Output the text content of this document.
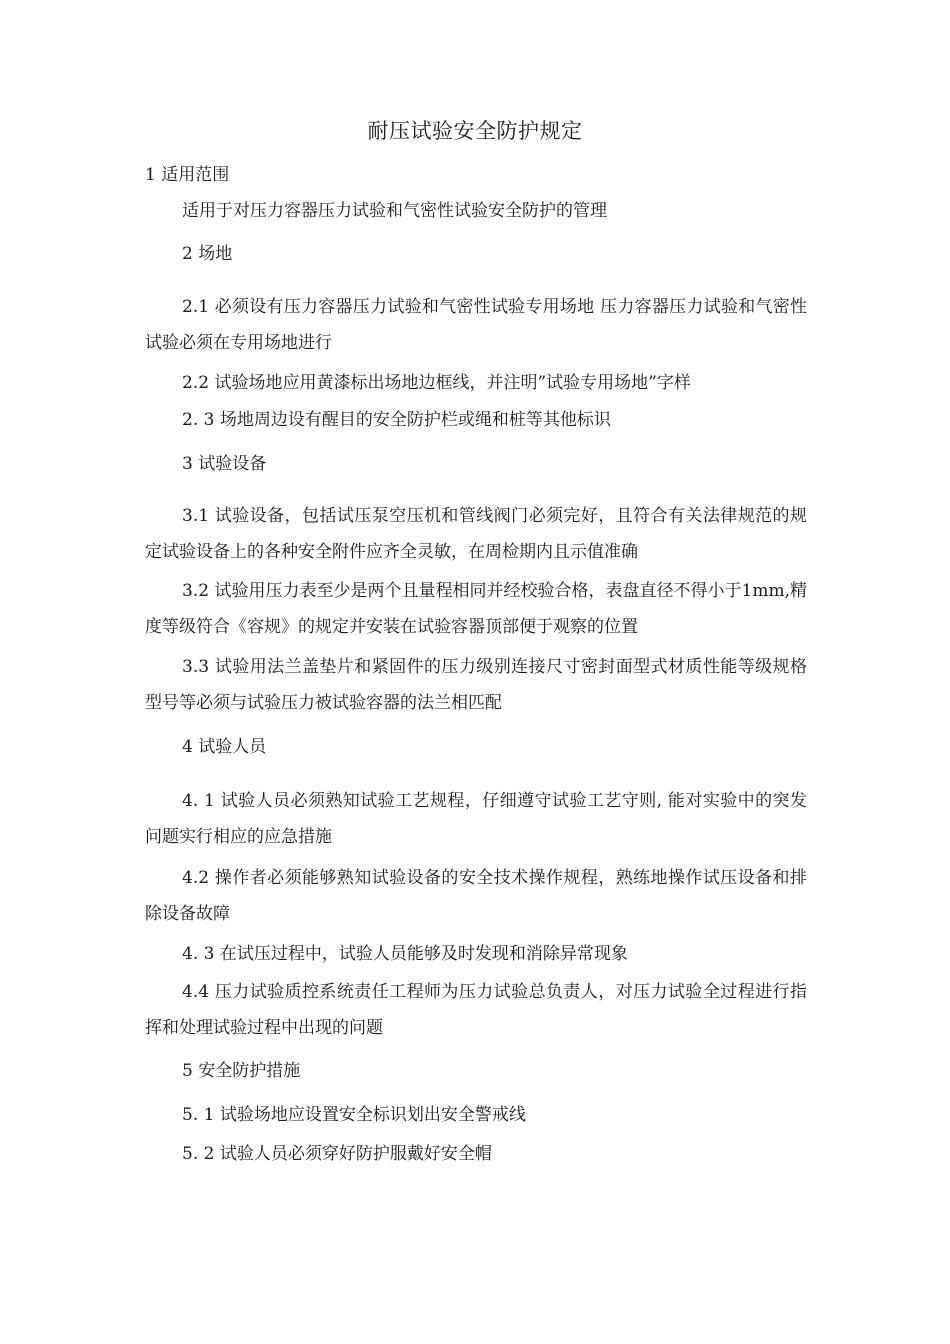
耐压试验安全防护规定
1 适用范围
适用于对压力容器压力试验和气密性试验安全防护的管理
2 场地
2.1 必须设有压力容器压力试验和气密性试验专用场地 压力容器压力试验和气密性试验必须在专用场地进行
2.2 试验场地应用黄漆标出场地边框线，并注明”试验专用场地”字样
2. 3 场地周边设有醒目的安全防护栏或绳和桩等其他标识
3 试验设备
3.1 试验设备，包括试压泵空压机和管线阀门必须完好，且符合有关法律规范的规定试验设备上的各种安全附件应齐全灵敏，在周检期内且示值准确
3.2 试验用压力表至少是两个且量程相同并经校验合格，表盘直径不得小于1mm,精度等级符合《容规》的规定并安装在试验容器顶部便于观察的位置
3.3 试验用法兰盖垫片和紧固件的压力级别连接尺寸密封面型式材质性能等级规格型号等必须与试验压力被试验容器的法兰相匹配
4 试验人员
4. 1 试验人员必须熟知试验工艺规程，仔细遵守试验工艺守则, 能对实验中的突发问题实行相应的应急措施
4.2 操作者必须能够熟知试验设备的安全技术操作规程，熟练地操作试压设备和排除设备故障
4. 3 在试压过程中，试验人员能够及时发现和消除异常现象
4.4 压力试验质控系统责任工程师为压力试验总负责人，对压力试验全过程进行指挥和处理试验过程中出现的问题
5 安全防护措施
5. 1 试验场地应设置安全标识划出安全警戒线
5. 2 试验人员必须穿好防护服戴好安全帽
